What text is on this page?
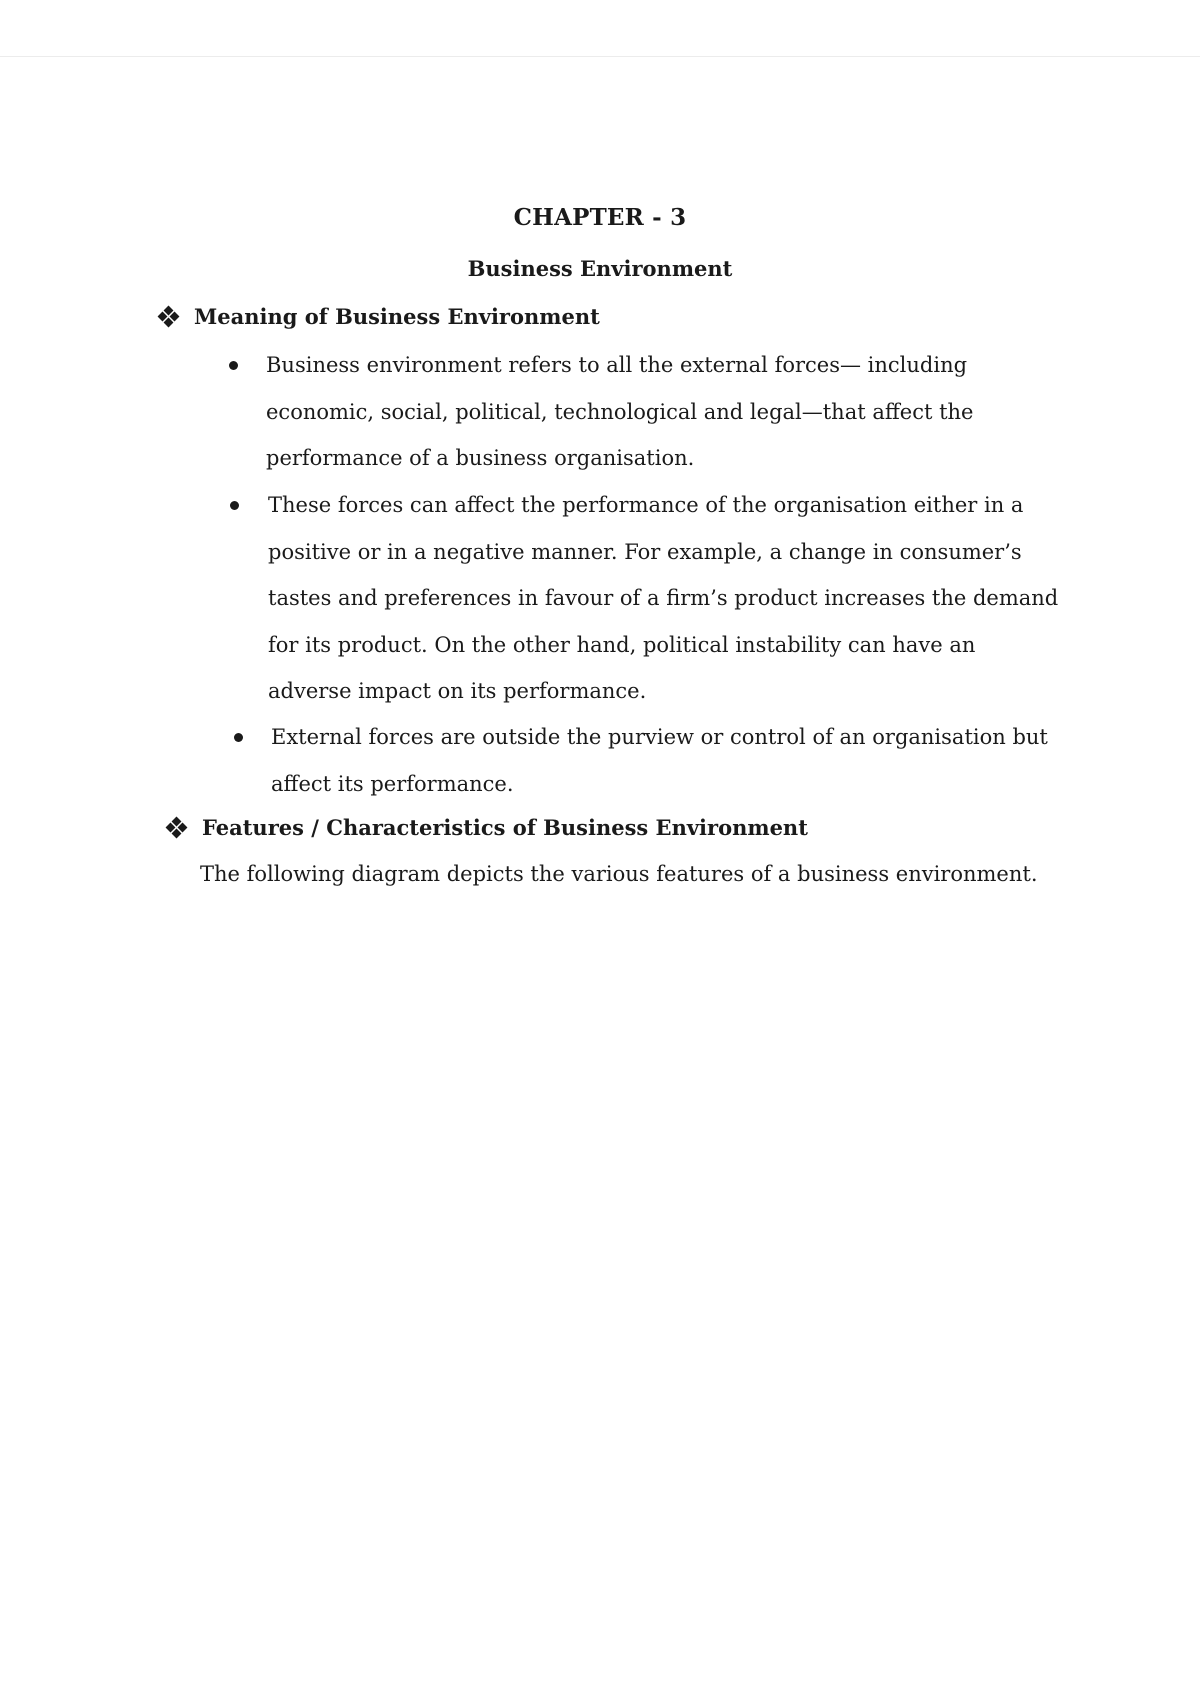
CHAPTER - 3
Business Environment
Meaning of Business Environment
Business environment refers to all the external forces— including
economic, social, political, technological and legal—that affect the
performance of a business organisation.
These forces can affect the performance of the organisation either in a
positive or in a negative manner. For example, a change in consumer’s
tastes and preferences in favour of a firm’s product increases the demand
for its product. On the other hand, political instability can have an
adverse impact on its performance.
External forces are outside the purview or control of an organisation but
affect its performance.
Features / Characteristics of Business Environment
The following diagram depicts the various features of a business environment.
